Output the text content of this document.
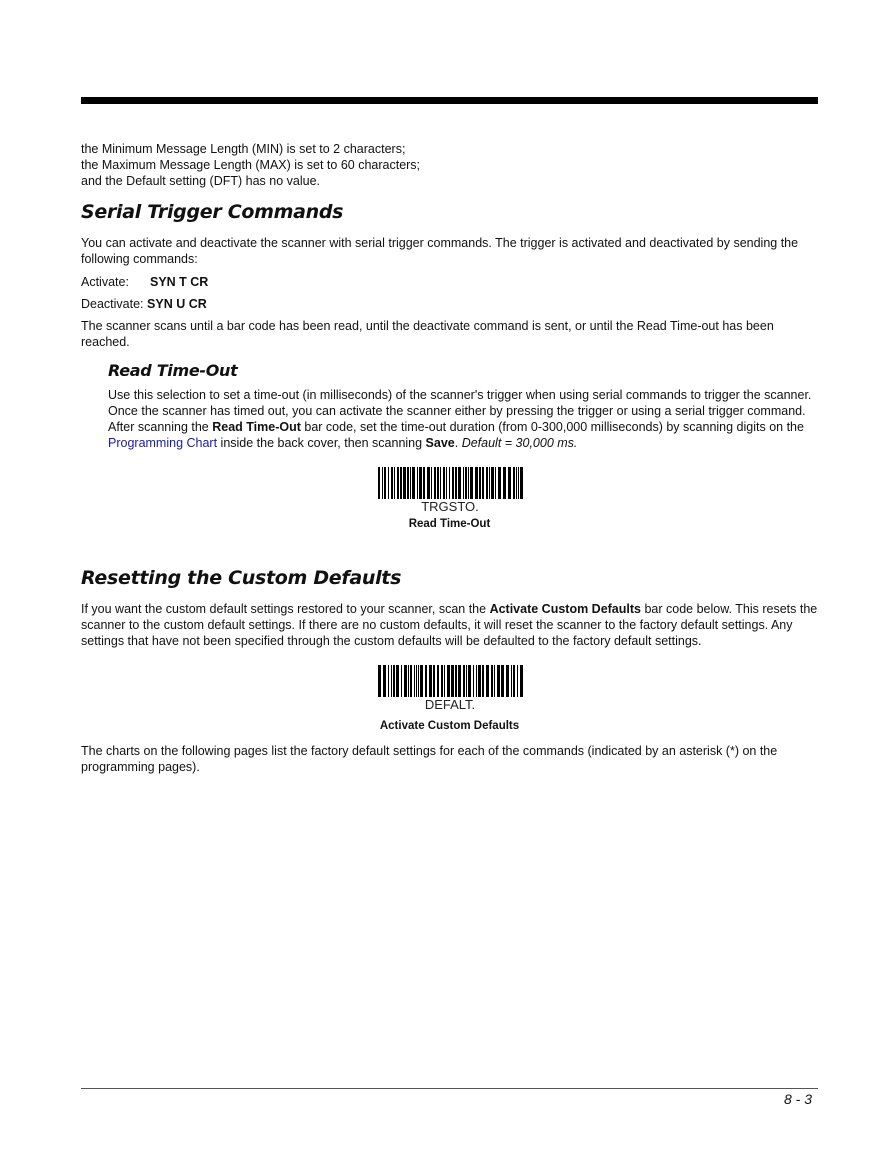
the Minimum Message Length (MIN) is set to 2 characters;

the Maximum Message Length (MAX) is set to 60 characters;

and the Default setting (DFT) has no value.

Serial Trigger Commands

You can activate and deactivate the scanner with serial trigger commands. The trigger is activated and deactivated by sending the following commands:

Activate: SYN T CR

Deactivate: SYN U CR

The scanner scans until a bar code has been read, until the deactivate command is sent, or until the Read Time-out has been reached.

Read Time-Out

Use this selection to set a time-out (in milliseconds) of the scanner's trigger when using serial commands to trigger the scanner. Once the scanner has timed out, you can activate the scanner either by pressing the trigger or using a serial trigger command. After scanning the Read Time-Out bar code, set the time-out duration (from 0-300,000 milliseconds) by scanning digits on the Programming Chart inside the back cover, then scanning Save. Default = 30,000 ms.

TRGSTO.
Read Time-Out
Resetting the Custom Defaults

If you want the custom default settings restored to your scanner, scan the Activate Custom Defaults bar code below. This resets the scanner to the custom default settings. If there are no custom defaults, it will reset the scanner to the factory default settings. Any settings that have not been specified through the custom defaults will be defaulted to the factory default settings.

DEFALT.
Activate Custom Defaults

The charts on the following pages list the factory default settings for each of the commands (indicated by an asterisk (*) on the programming pages).

8 - 3
